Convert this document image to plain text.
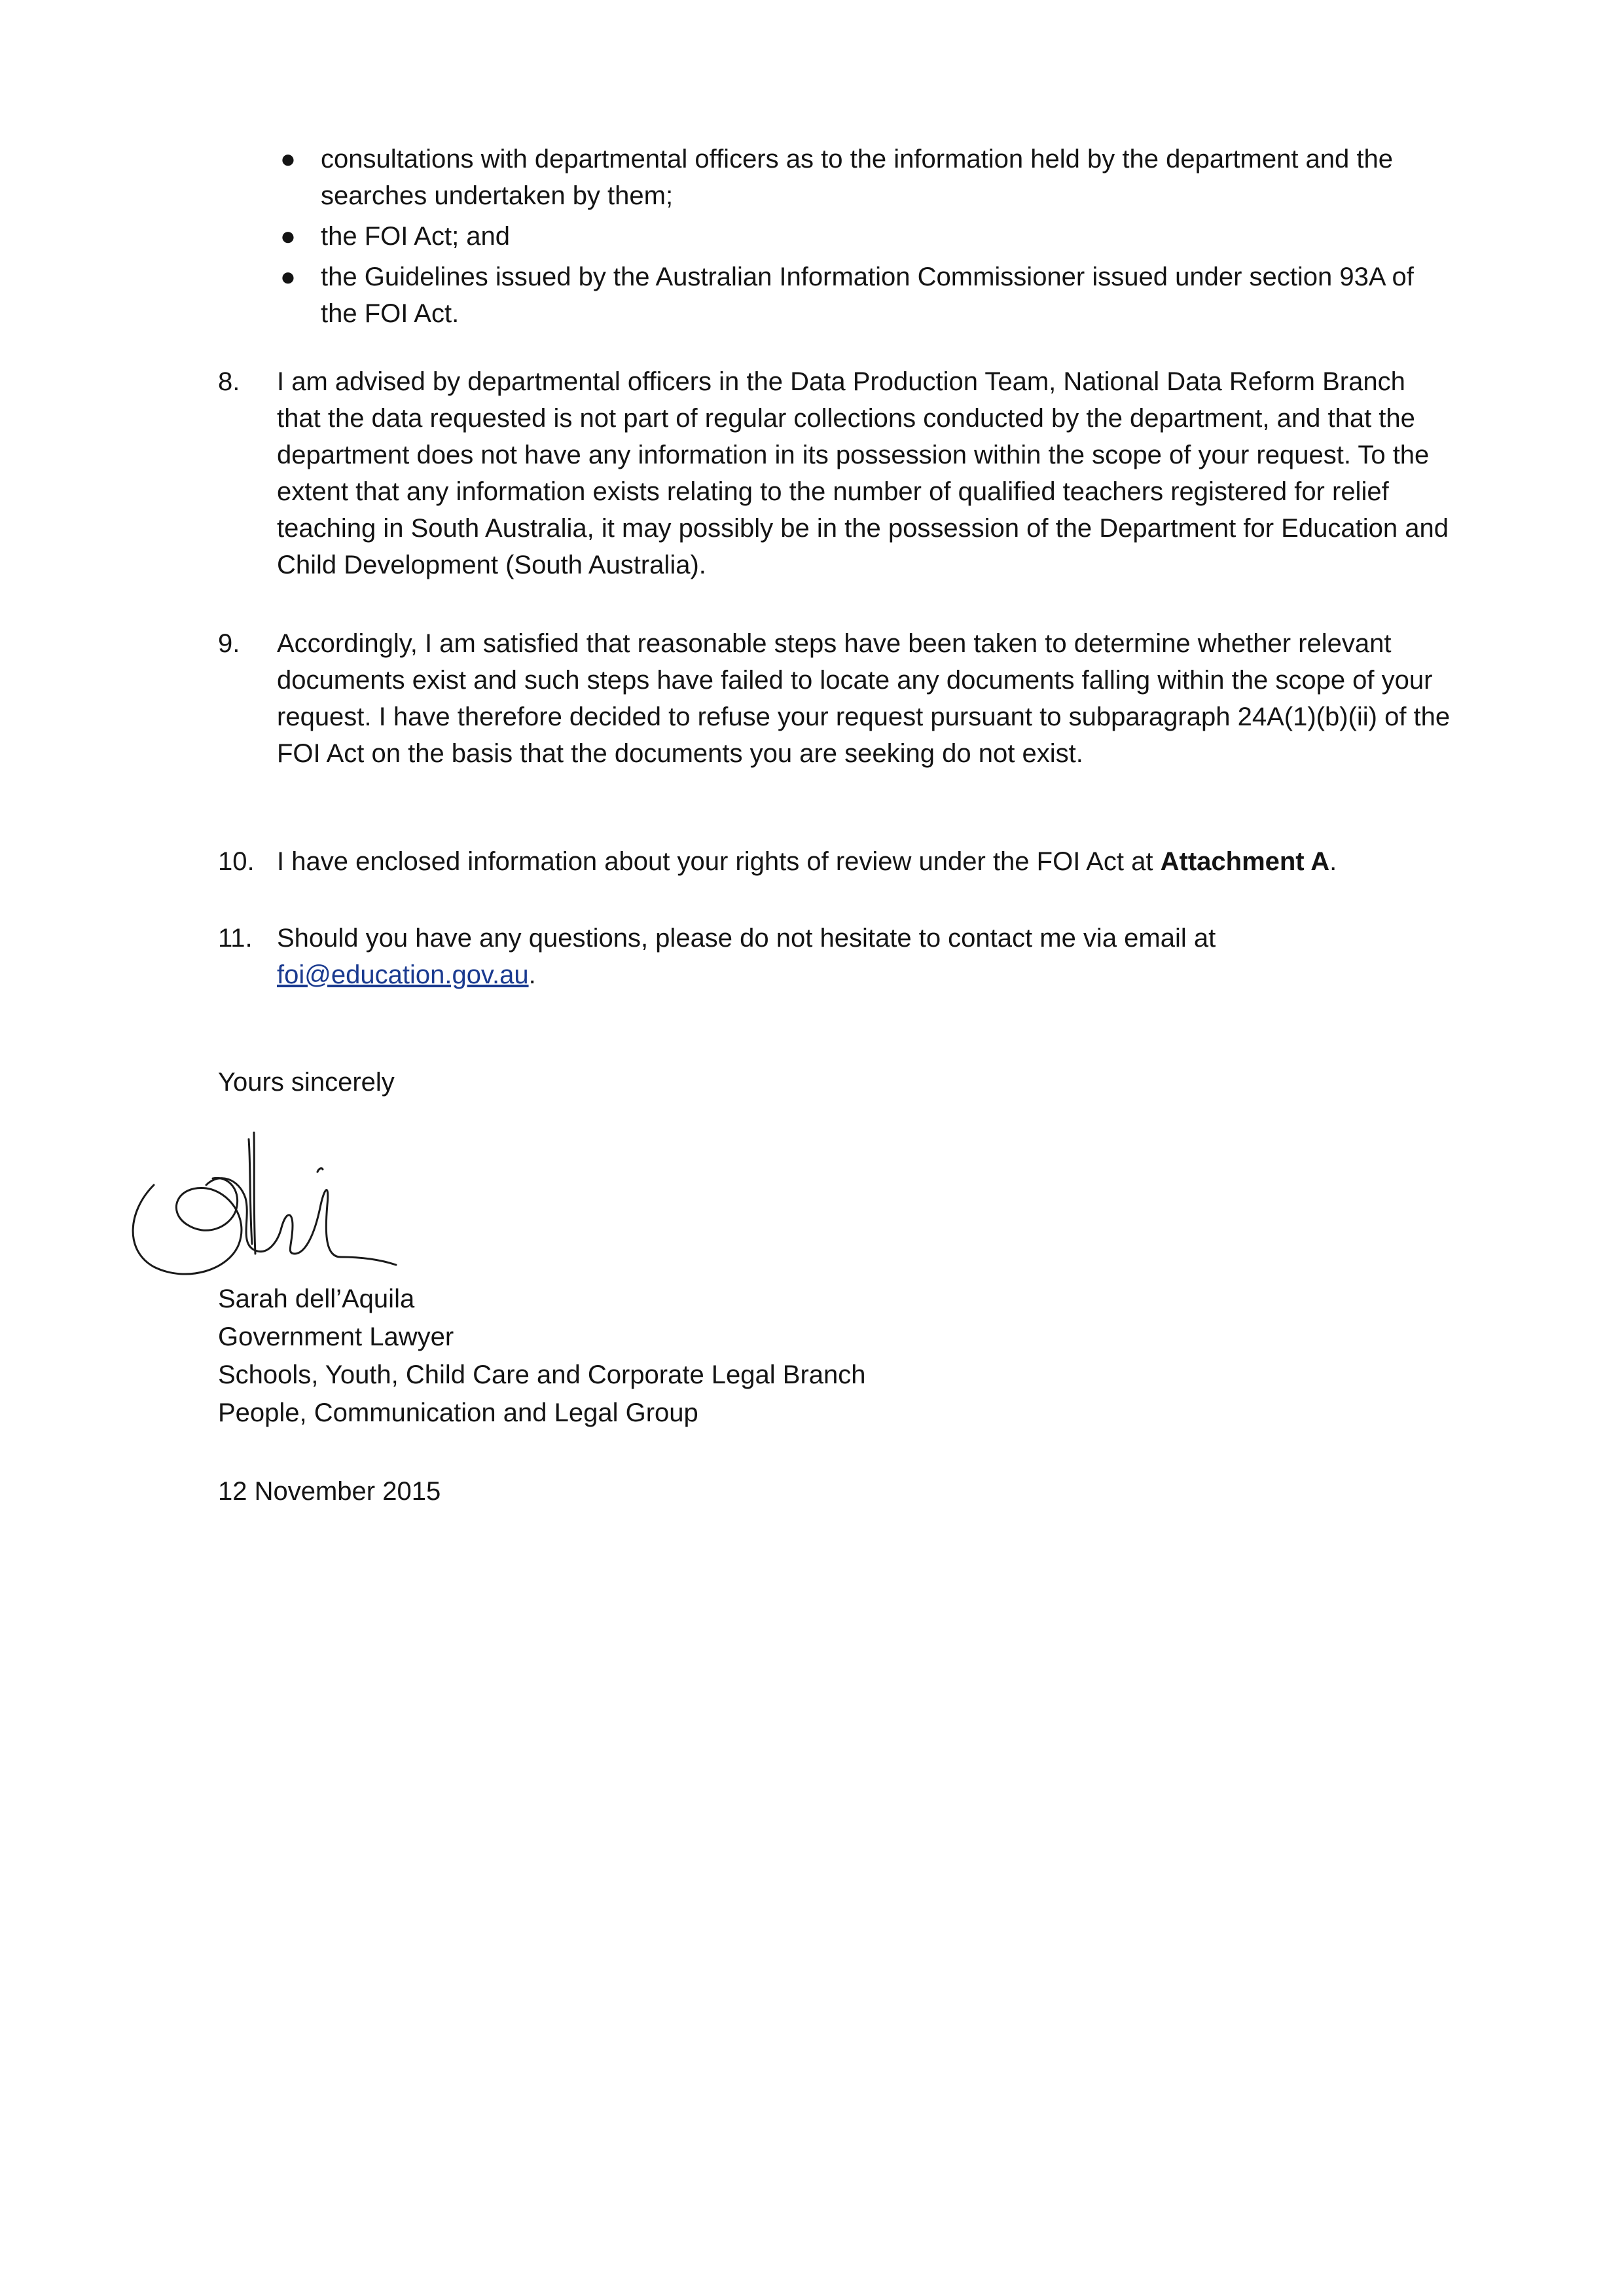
● consultations with departmental officers as to the information held by the department and the searches undertaken by them;
● the FOI Act; and
● the Guidelines issued by the Australian Information Commissioner issued under section 93A of the FOI Act.
8.	I am advised by departmental officers in the Data Production Team, National Data Reform Branch that the data requested is not part of regular collections conducted by the department, and that the department does not have any information in its possession within the scope of your request. To the extent that any information exists relating to the number of qualified teachers registered for relief teaching in South Australia, it may possibly be in the possession of the Department for Education and Child Development (South Australia).

9.	Accordingly, I am satisfied that reasonable steps have been taken to determine whether relevant documents exist and such steps have failed to locate any documents falling within the scope of your request. I have therefore decided to refuse your request pursuant to subparagraph 24A(1)(b)(ii) of the FOI Act on the basis that the documents you are seeking do not exist.

10. I have enclosed information about your rights of review under the FOI Act at Attachment A.

11. Should you have any questions, please do not hesitate to contact me via email at
foi@education.gov.au.

Yours sincerely
Sarah dell’Aquila
Government Lawyer
Schools, Youth, Child Care and Corporate Legal Branch
People, Communication and Legal Group
12 November 2015
